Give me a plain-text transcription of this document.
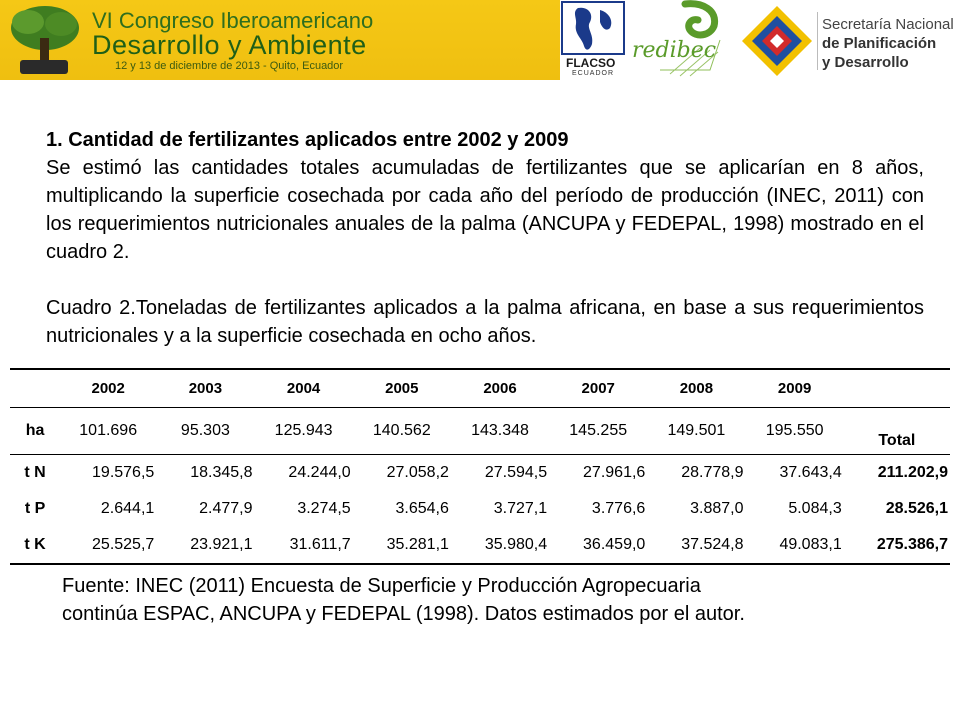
VI Congreso Iberoamericano
Desarrollo y Ambiente
12 y 13 de diciembre de 2013 - Quito, Ecuador	FLACSO
ECUADOR
redibec
Secretaría Nacional
de Planificación
y Desarrollo
1. Cantidad de fertilizantes aplicados entre 2002 y 2009
Se estimó las cantidades totales acumuladas de fertilizantes que se aplicarían en 8 años, multiplicando la superficie cosechada por cada año del período de producción (INEC, 2011) con los requerimientos nutricionales anuales de la palma (ANCUPA y FEDEPAL, 1998) mostrado en el cuadro 2.
Cuadro 2.Toneladas de fertilizantes aplicados a la palma africana, en base a sus requerimientos nutricionales y a la superficie cosechada en ocho años.
	2002	2003	2004	2005	2006	2007	2008	2009	
ha	101.696	95.303	125.943	140.562	143.348	145.255	149.501	195.550	Total
t N	19.576,5	18.345,8	24.244,0	27.058,2	27.594,5	27.961,6	28.778,9	37.643,4	211.202,9
t P	2.644,1	2.477,9	3.274,5	3.654,6	3.727,1	3.776,6	3.887,0	5.084,3	28.526,1
t K	25.525,7	23.921,1	31.611,7	35.281,1	35.980,4	36.459,0	37.524,8	49.083,1	275.386,7
Fuente: INEC (2011) Encuesta de Superficie y Producción Agropecuaria
continúa ESPAC, ANCUPA y FEDEPAL (1998). Datos estimados por el autor.
